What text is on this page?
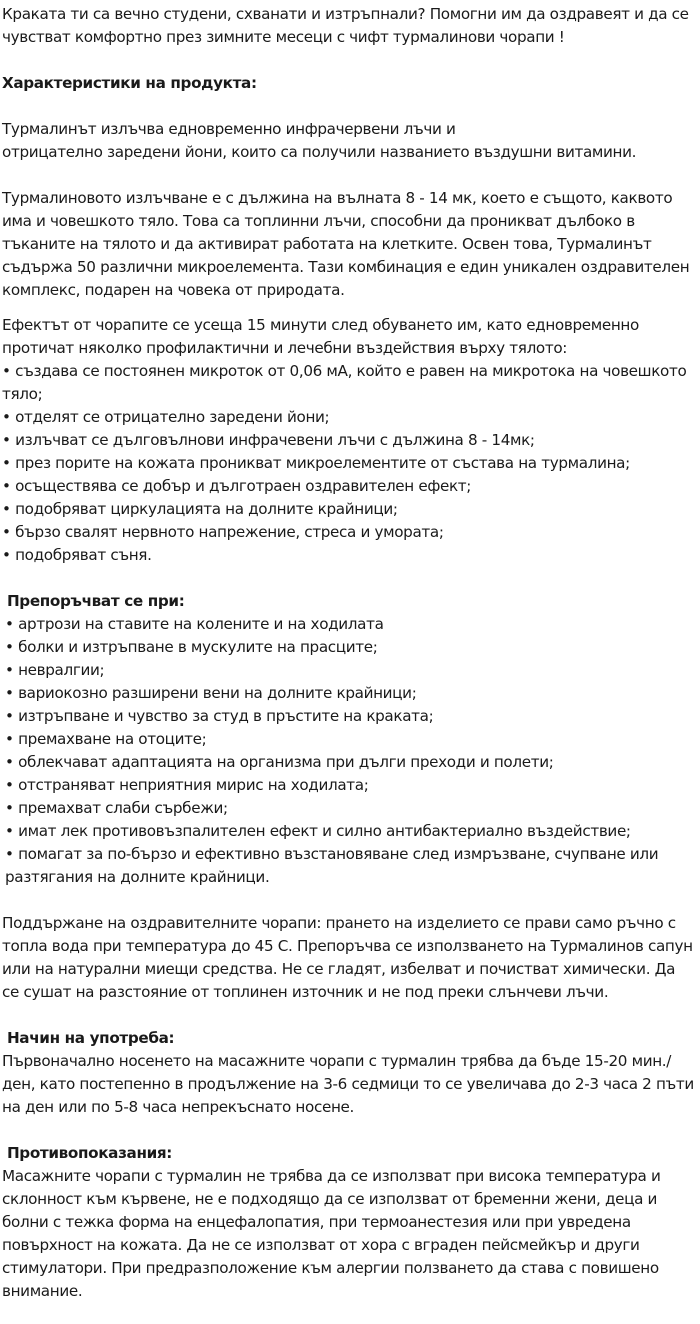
Краката ти са вечно студени, схванати и изтръпнали? Помогни им да оздравеят и да се чувстват комфортно през зимните месеци с чифт турмалинови чорапи !

Характеристики на продукта:

Турмалинът излъчва едновременно инфрачервени лъчи и
отрицателно заредени йони, които са получили названието въздушни витамини.

Турмалиновото излъчване е с дължина на вълната 8 - 14 мк, което е същото, каквото има и човешкото тяло. Това са топлинни лъчи, способни да проникват дълбоко в тъканите на тялото и да активират работата на клетките. Освен това, Турмалинът съдържа 50 различни микроелемента. Тази комбинация е един уникален оздравителен комплекс, подарен на човека от природата.

Ефектът от чорапите се усеща 15 минути след обуването им, като едновременно протичат няколко профилактични и лечебни въздействия върху тялото:

• създава се постоянен микроток от 0,06 мА, който е равен на микротока на човешкото тяло;
• отделят се отрицателно заредени йони;
• излъчват се дълговълнови инфрачевени лъчи с дължина 8 - 14мк;
• през порите на кожата проникват микроелементите от състава на турмалина;
• осъществява се добър и дълготраен оздравителен ефект;
• подобряват циркулацията на долните крайници;
• бързо свалят нервното напрежение, стреса и умората;
• подобряват съня.

Препоръчват се при:

• артрози на ставите на колените и на ходилата
• болки и изтръпване в мускулите на прасците;
• невралгии;
• вариокозно разширени вени на долните крайници;
• изтръпване и чувство за студ в пръстите на краката;
• премахване на отоците;
• облекчават адаптацията на организма при дълги преходи и полети;
• отстраняват неприятния мирис на ходилата;
• премахват слаби сърбежи;
• имат лек противовъзпалителен ефект и силно антибактериално въздействие;
• помагат за по-бързо и ефективно възстановяване след измръзване, счупване или разтягания на долните крайници.

Поддържане на оздравителните чорапи: прането на изделието се прави само ръчно с топла вода при температура до 45 С. Препоръчва се използването на Турмалинов сапун или на натурални миещи средства. Не се гладят, избелват и почистват химически. Да се сушат на разстояние от топлинен източник и не под преки слънчеви лъчи.

Начин на употреба:

Първоначално носенето на масажните чорапи с турмалин трябва да бъде 15-20 мин./ден, като постепенно в продължение на 3-6 седмици то се увеличава до 2-3 часа 2 пъти на ден или по 5-8 часа непрекъснато носене.

Противопоказания:

Масажните чорапи с турмалин не трябва да се използват при висока температура и склонност към кървене, не е подходящо да се използват от бременни жени, деца и болни с тежка форма на енцефалопатия, при термоанестезия или при увредена повърхност на кожата. Да не се използват от хора с вграден пейсмейкър и други стимулатори. При предразположение към алергии ползването да става с повишено внимание.
